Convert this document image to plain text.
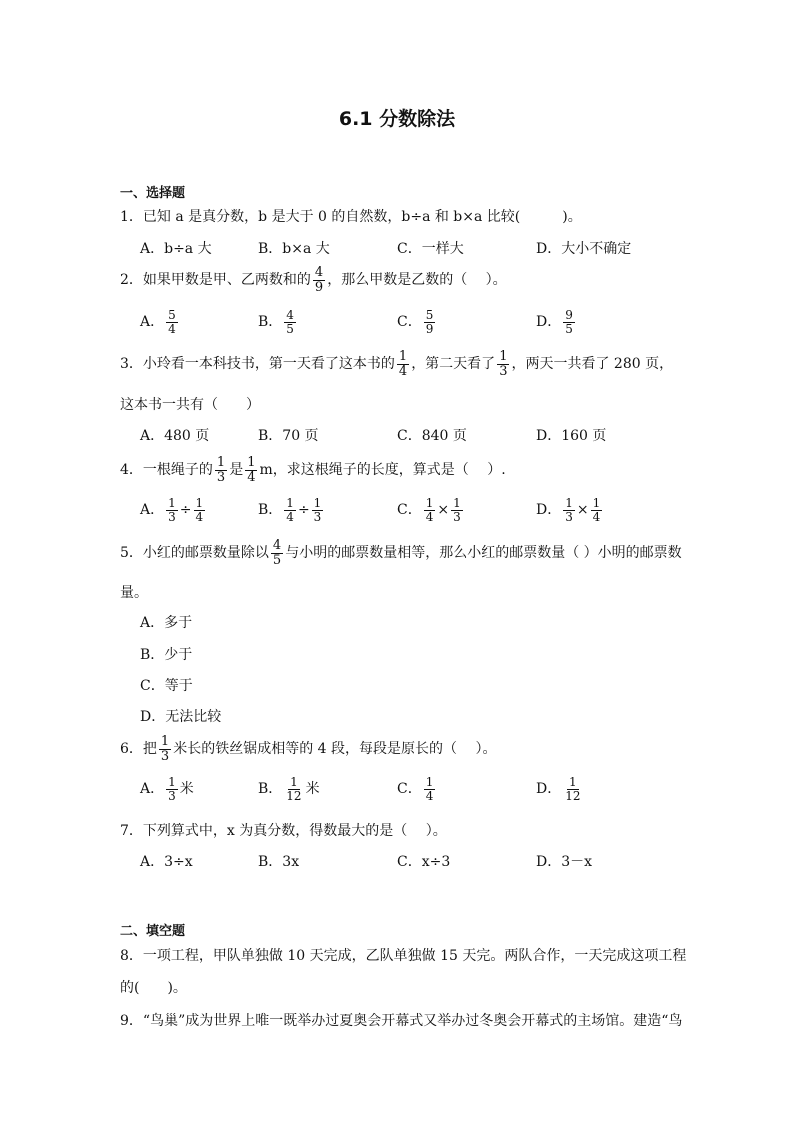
6.1 分数除法
一、选择题
1．已知 a 是真分数，b 是大于 0 的自然数，b÷a 和 b×a 比较(　　　)。
A．b÷a 大	B．b×a 大	C．一样大	D．大小不确定
2．如果甲数是甲、乙两数和的 $\frac{4}{9}$ ，那么甲数是乙数的（　 ）。
A． $\frac{5}{4}$	B． $\frac{4}{5}$	C． $\frac{5}{9}$	D． $\frac{9}{5}$
3．小玲看一本科技书，第一天看了这本书的 $\frac{1}{4}$ ，第二天看了 $\frac{1}{3}$ ，两天一共看了 280 页，
这本书一共有（　　）
A．480 页	B．70 页	C．840 页	D．160 页
4．一根绳子的 $\frac{1}{3}$ 是 $\frac{1}{4}$ m，求这根绳子的长度，算式是（　 ）.
A． $\frac{1}{3} \div \frac{1}{4}$	B． $\frac{1}{4} \div \frac{1}{3}$	C． $\frac{1}{4} \times \frac{1}{3}$	D． $\frac{1}{3} \times \frac{1}{4}$
5．小红的邮票数量除以 $\frac{4}{5}$ 与小明的邮票数量相等，那么小红的邮票数量（ ）小明的邮票数
量。
A．多于
B．少于
C．等于
D．无法比较
6．把 $\frac{1}{3}$ 米长的铁丝锯成相等的 4 段，每段是原长的（　 ）。
A． $\frac{1}{3}$ 米	B． $\frac{1}{12}$ 米	C． $\frac{1}{4}$	D． $\frac{1}{12}$
7．下列算式中，x 为真分数，得数最大的是（　 ）。
A．3÷x	B．3x	C．x÷3	D．3－x
二、填空题
8．一项工程，甲队单独做 10 天完成，乙队单独做 15 天完。两队合作，一天完成这项工程
的(　　)。
9．“鸟巢”成为世界上唯一既举办过夏奥会开幕式又举办过冬奥会开幕式的主场馆。建造“鸟
